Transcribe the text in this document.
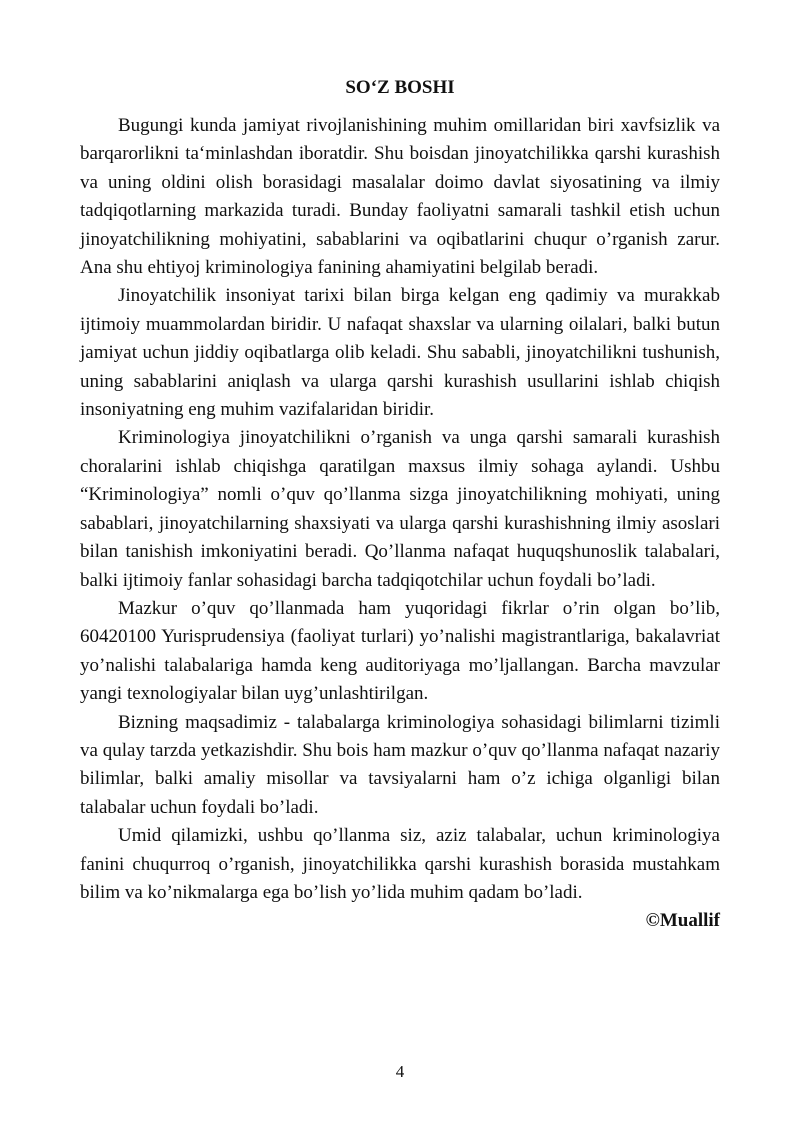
SO‘Z BOSHI

Bugungi kunda jamiyat rivojlanishining muhim omillaridan biri xavfsizlik va barqarorlikni ta‘minlashdan iboratdir. Shu boisdan jinoyatchilikka qarshi kurashish va uning oldini olish borasidagi masalalar doimo davlat siyosatining va ilmiy tadqiqotlarning markazida turadi. Bunday faoliyatni samarali tashkil etish uchun jinoyatchilikning mohiyatini, sabablarini va oqibatlarini chuqur o’rganish zarur. Ana shu ehtiyoj kriminologiya fanining ahamiyatini belgilab beradi.

Jinoyatchilik insoniyat tarixi bilan birga kelgan eng qadimiy va murakkab ijtimoiy muammolardan biridir. U nafaqat shaxslar va ularning oilalari, balki butun jamiyat uchun jiddiy oqibatlarga olib keladi. Shu sababli, jinoyatchilikni tushunish, uning sabablarini aniqlash va ularga qarshi kurashish usullarini ishlab chiqish insoniyatning eng muhim vazifalaridan biridir.

Kriminologiya jinoyatchilikni o’rganish va unga qarshi samarali kurashish choralarini ishlab chiqishga qaratilgan maxsus ilmiy sohaga aylandi. Ushbu “Kriminologiya” nomli o’quv qo’llanma sizga jinoyatchilikning mohiyati, uning sabablari, jinoyatchilarning shaxsiyati va ularga qarshi kurashishning ilmiy asoslari bilan tanishish imkoniyatini beradi. Qo’llanma nafaqat huquqshunoslik talabalari, balki ijtimoiy fanlar sohasidagi barcha tadqiqotchilar uchun foydali bo’ladi.

Mazkur o’quv qo’llanmada ham yuqoridagi fikrlar o’rin olgan bo’lib, 60420100 Yurisprudensiya (faoliyat turlari) yo’nalishi magistrantlariga, bakalavriat yo’nalishi talabalariga hamda keng auditoriyaga mo’ljallangan. Barcha mavzular yangi texnologiyalar bilan uyg’unlashtirilgan.

Bizning maqsadimiz - talabalarga kriminologiya sohasidagi bilimlarni tizimli va qulay tarzda yetkazishdir. Shu bois ham mazkur o’quv qo’llanma nafaqat nazariy bilimlar, balki amaliy misollar va tavsiyalarni ham o’z ichiga olganligi bilan talabalar uchun foydali bo’ladi.

Umid qilamizki, ushbu qo’llanma siz, aziz talabalar, uchun kriminologiya fanini chuqurroq o’rganish, jinoyatchilikka qarshi kurashish borasida mustahkam bilim va ko’nikmalarga ega bo’lish yo’lida muhim qadam bo’ladi.

©Muallif

4
